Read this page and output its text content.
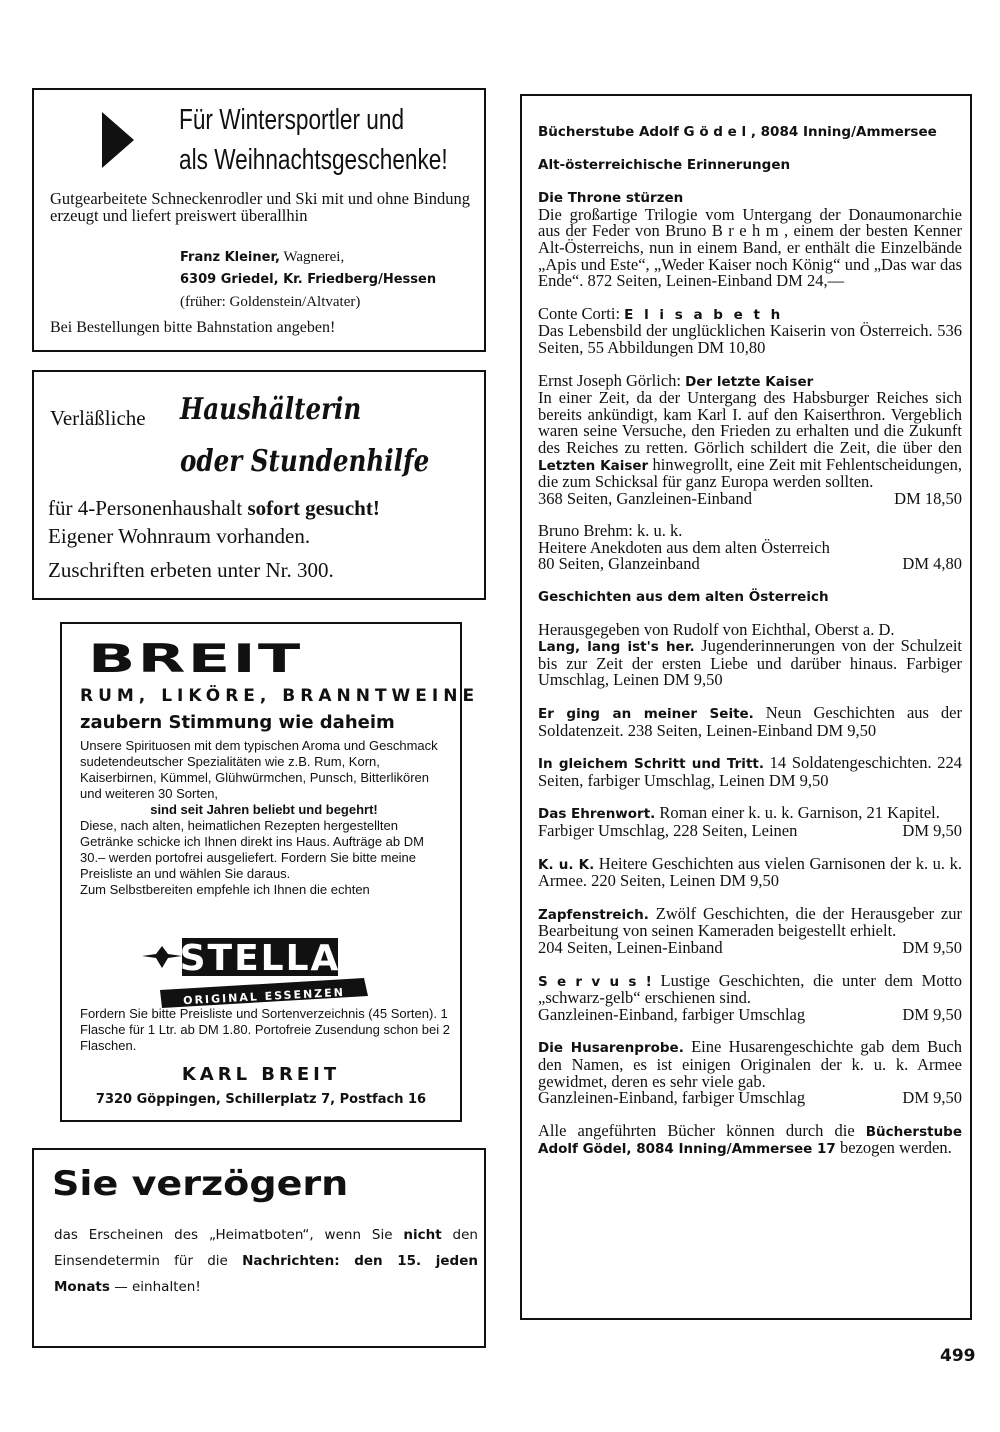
Für Wintersportler und
als Weihnachtsgeschenke!
Gutgearbeitete Schneckenrodler und Ski mit und ohne Bindung erzeugt und liefert preiswert überallhin
Franz Kleiner, Wagnerei,
6309 Griedel, Kr. Friedberg/Hessen
(früher: Goldenstein/Altvater)
Bei Bestellungen bitte Bahnstation angeben!
Verläßliche Haushälterin
oder Stundenhilfe
für 4-Personenhaushalt sofort gesucht!
Eigener Wohnraum vorhanden.
Zuschriften erbeten unter Nr. 300.
BREIT
RUM, LIKÖRE, BRANNTWEINE
zaubern Stimmung wie daheim
Unsere Spirituosen mit dem typischen Aroma und Geschmack sudetendeutscher Spezialitäten wie z.B. Rum, Korn, Kaiserbirnen, Kümmel, Glühwürmchen, Punsch, Bitterlikören und weiteren 30 Sorten,
sind seit Jahren beliebt und begehrt!
Diese, nach alten, heimatlichen Rezepten hergestellten Getränke schicke ich Ihnen direkt ins Haus. Aufträge ab DM 30.– werden portofrei ausgeliefert. Fordern Sie bitte meine Preisliste an und wählen Sie daraus.
Zum Selbstbereiten empfehle ich Ihnen die echten
STELLA
ORIGINAL ESSENZEN
Fordern Sie bitte Preisliste und Sortenverzeichnis (45 Sorten). 1 Flasche für 1 Ltr. ab DM 1.80. Portofreie Zusendung schon bei 2 Flaschen.
KARL BREIT
7320 Göppingen, Schillerplatz 7, Postfach 16
Sie verzögern
das Erscheinen des „Heimatboten“, wenn Sie nicht den Einsendetermin für die Nachrichten: den 15. jeden Monats — einhalten!
Bücherstube Adolf G ö d e l , 8084 Inning/Ammersee
Alt-österreichische Erinnerungen

Die Throne stürzen
Die großartige Trilogie vom Untergang der Donaumonarchie aus der Feder von Bruno B r e h m , einem der besten Kenner Alt-Österreichs, nun in einem Band, er enthält die Einzelbände „Apis und Este“, „Weder Kaiser noch König“ und „Das war das Ende“. 872 Seiten, Leinen-Einband DM 24,—

Conte Corti: E l i s a b e t h
Das Lebensbild der unglücklichen Kaiserin von Österreich. 536 Seiten, 55 Abbildungen DM 10,80

Ernst Joseph Görlich: Der letzte Kaiser
In einer Zeit, da der Untergang des Habsburger Reiches sich bereits ankündigt, kam Karl I. auf den Kaiserthron. Vergeblich waren seine Versuche, den Frieden zu erhalten und die Zukunft des Reiches zu retten. Görlich schildert die Zeit, die über den Letzten Kaiser hinwegrollt, eine Zeit mit Fehlentscheidungen, die zum Schicksal für ganz Europa werden sollten.
368 Seiten, Ganzleinen-Einband	DM 18,50

Bruno Brehm: k. u. k.
Heitere Anekdoten aus dem alten Österreich
80 Seiten, Glanzeinband	DM 4,80

Geschichten aus dem alten Österreich

Herausgegeben von Rudolf von Eichthal, Oberst a. D.
Lang, lang ist's her. Jugenderinnerungen von der Schulzeit bis zur Zeit der ersten Liebe und darüber hinaus. Farbiger Umschlag, Leinen DM 9,50

Er ging an meiner Seite. Neun Geschichten aus der Soldatenzeit. 238 Seiten, Leinen-Einband DM 9,50

In gleichem Schritt und Tritt. 14 Soldatengeschichten. 224 Seiten, farbiger Umschlag, Leinen DM 9,50

Das Ehrenwort. Roman einer k. u. k. Garnison, 21 Kapitel.
Farbiger Umschlag, 228 Seiten, Leinen	DM 9,50

K. u. K. Heitere Geschichten aus vielen Garnisonen der k. u. k. Armee. 220 Seiten, Leinen DM 9,50

Zapfenstreich. Zwölf Geschichten, die der Herausgeber zur Bearbeitung von seinen Kameraden beigestellt erhielt.
204 Seiten, Leinen-Einband	DM 9,50

S e r v u s ! Lustige Geschichten, die unter dem Motto „schwarz-gelb“ erschienen sind.
Ganzleinen-Einband, farbiger Umschlag	DM 9,50

Die Husarenprobe. Eine Husarengeschichte gab dem Buch den Namen, es ist einigen Originalen der k. u. k. Armee gewidmet, deren es sehr viele gab.
Ganzleinen-Einband, farbiger Umschlag	DM 9,50

Alle angeführten Bücher können durch die Bücherstube Adolf Gödel, 8084 Inning/Ammersee 17 bezogen werden.

499
